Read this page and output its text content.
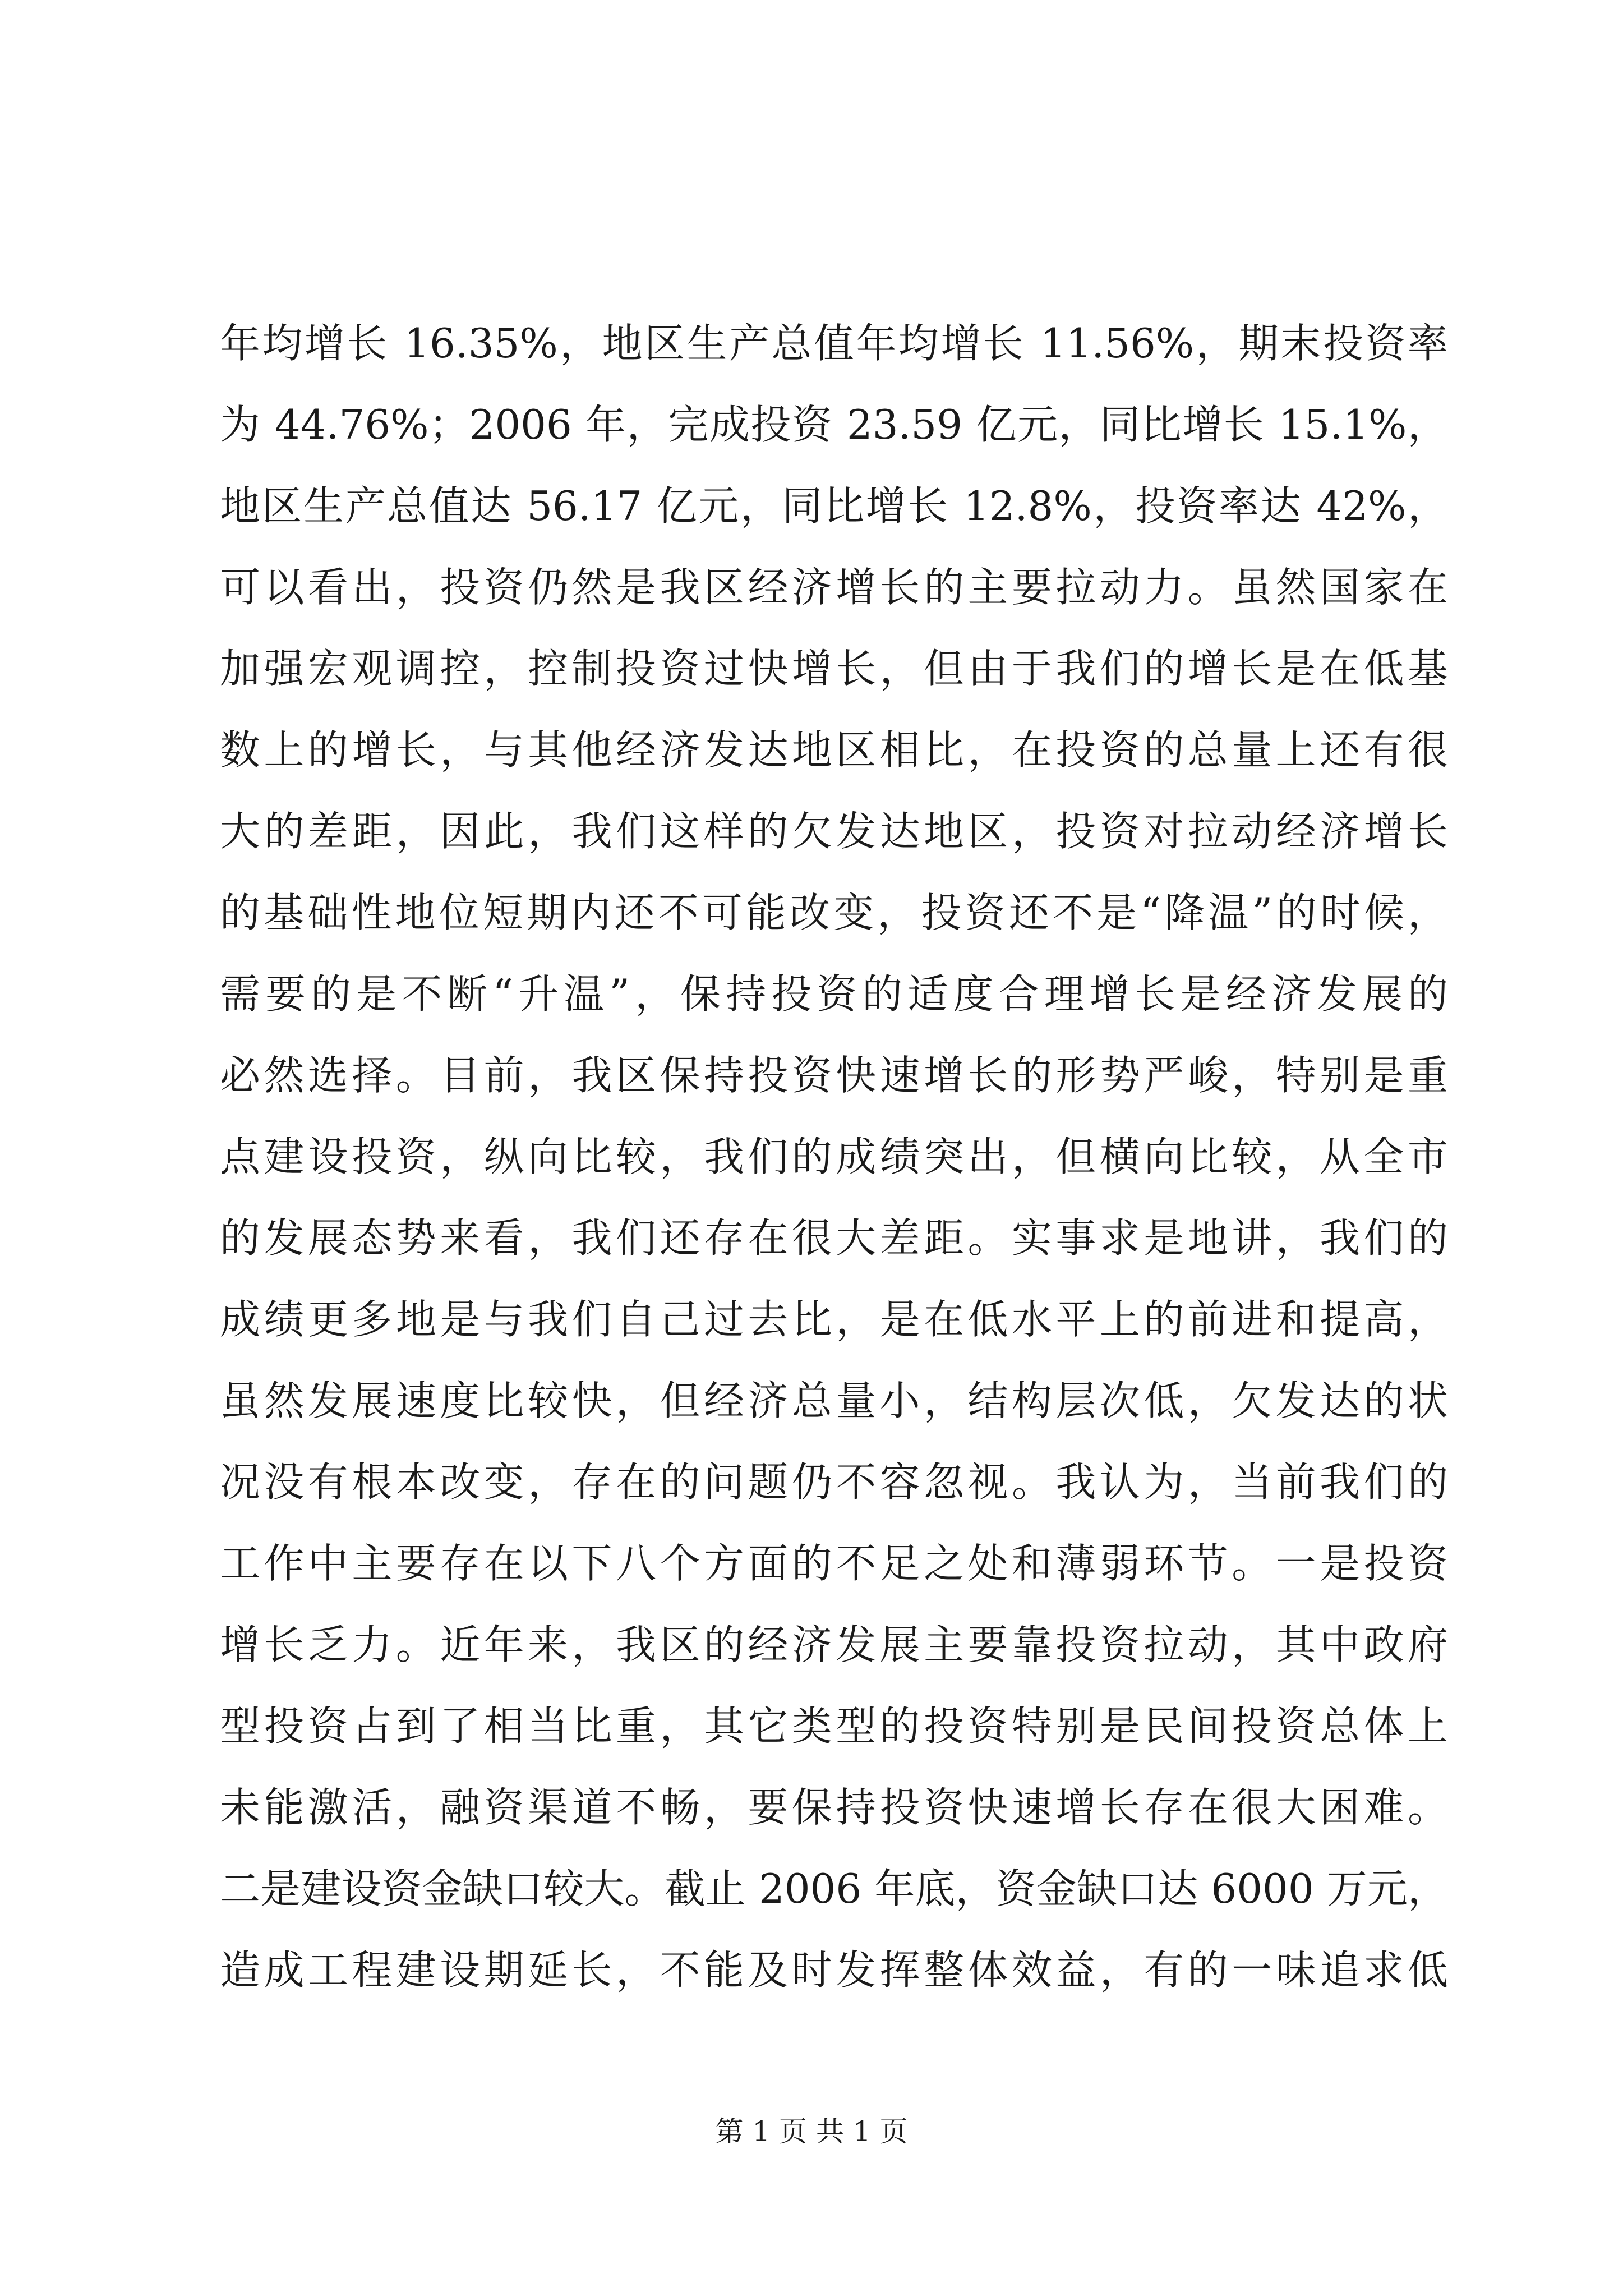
年均增长 16.35%，地区生产总值年均增长 11.56%，期末投资率
为 44.76%；2006 年，完成投资 23.59 亿元，同比增长 15.1%，
地区生产总值达 56.17 亿元，同比增长 12.8%，投资率达 42%，
可以看出，投资仍然是我区经济增长的主要拉动力。虽然国家在
加强宏观调控，控制投资过快增长，但由于我们的增长是在低基
数上的增长，与其他经济发达地区相比，在投资的总量上还有很
大的差距，因此，我们这样的欠发达地区，投资对拉动经济增长
的基础性地位短期内还不可能改变，投资还不是“降温”的时候，
需要的是不断“升温”，保持投资的适度合理增长是经济发展的
必然选择。目前，我区保持投资快速增长的形势严峻，特别是重
点建设投资，纵向比较，我们的成绩突出，但横向比较，从全市
的发展态势来看，我们还存在很大差距。实事求是地讲，我们的
成绩更多地是与我们自己过去比，是在低水平上的前进和提高，
虽然发展速度比较快，但经济总量小，结构层次低，欠发达的状
况没有根本改变，存在的问题仍不容忽视。我认为，当前我们的
工作中主要存在以下八个方面的不足之处和薄弱环节。一是投资
增长乏力。近年来，我区的经济发展主要靠投资拉动，其中政府
型投资占到了相当比重，其它类型的投资特别是民间投资总体上
未能激活，融资渠道不畅，要保持投资快速增长存在很大困难。
二是建设资金缺口较大。截止 2006 年底，资金缺口达 6000 万元，
造成工程建设期延长，不能及时发挥整体效益，有的一味追求低
第 1 页 共 1 页
